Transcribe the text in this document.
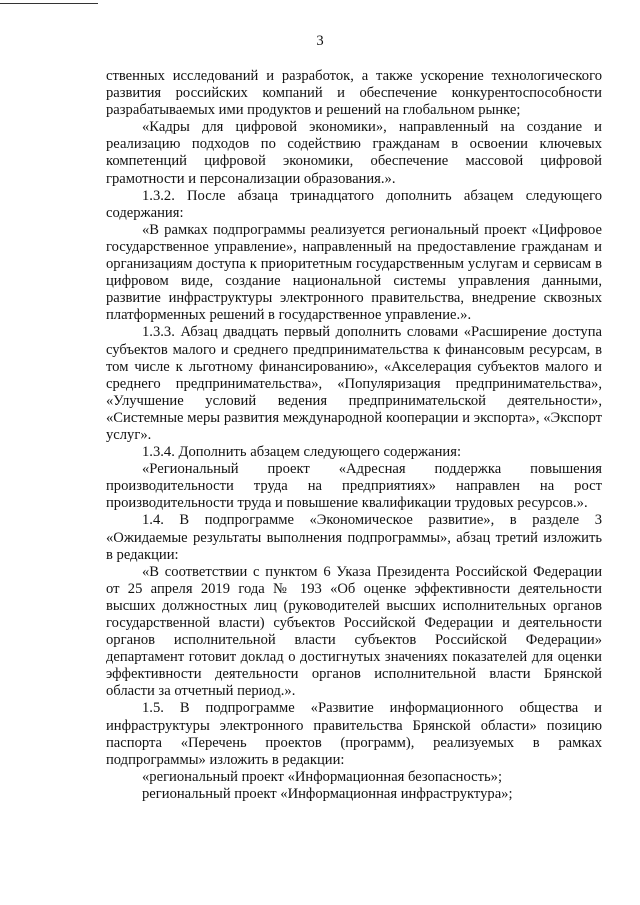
3

ственных исследований и разработок, а также ускорение технологического развития российских компаний и обеспечение конкурентоспособности разрабатываемых ими продуктов и решений на глобальном рынке;

«Кадры для цифровой экономики», направленный на создание и реализацию подходов по содействию гражданам в освоении ключевых компетенций цифровой экономики, обеспечение массовой цифровой грамотности и персонализации образования.».

1.3.2. После абзаца тринадцатого дополнить абзацем следующего содержания:

«В рамках подпрограммы реализуется региональный проект «Цифровое государственное управление», направленный на предоставление гражданам и организациям доступа к приоритетным государственным услугам и сервисам в цифровом виде, создание национальной системы управления данными, развитие инфраструктуры электронного правительства, внедрение сквозных платформенных решений в государственное управление.».

1.3.3. Абзац двадцать первый дополнить словами «Расширение доступа субъектов малого и среднего предпринимательства к финансовым ресурсам, в том числе к льготному финансированию», «Акселерация субъектов малого и среднего предпринимательства», «Популяризация предпринимательства», «Улучшение условий ведения предпринимательской деятельности», «Системные меры развития международной кооперации и экспорта», «Экспорт услуг».

1.3.4. Дополнить абзацем следующего содержания:

«Региональный проект «Адресная поддержка повышения производительности труда на предприятиях» направлен на рост производительности труда и повышение квалификации трудовых ресурсов.».

1.4. В подпрограмме «Экономическое развитие», в разделе 3 «Ожидаемые результаты выполнения подпрограммы», абзац третий изложить в редакции:

«В соответствии с пунктом 6 Указа Президента Российской Федерации от 25 апреля 2019 года № 193 «Об оценке эффективности деятельности высших должностных лиц (руководителей высших исполнительных органов государственной власти) субъектов Российской Федерации и деятельности органов исполнительной власти субъектов Российской Федерации» департамент готовит доклад о достигнутых значениях показателей для оценки эффективности деятельности органов исполнительной власти Брянской области за отчетный период.».

1.5. В подпрограмме «Развитие информационного общества и инфраструктуры электронного правительства Брянской области» позицию паспорта «Перечень проектов (программ), реализуемых в рамках подпрограммы» изложить в редакции:

«региональный проект «Информационная безопасность»;

региональный проект «Информационная инфраструктура»;
